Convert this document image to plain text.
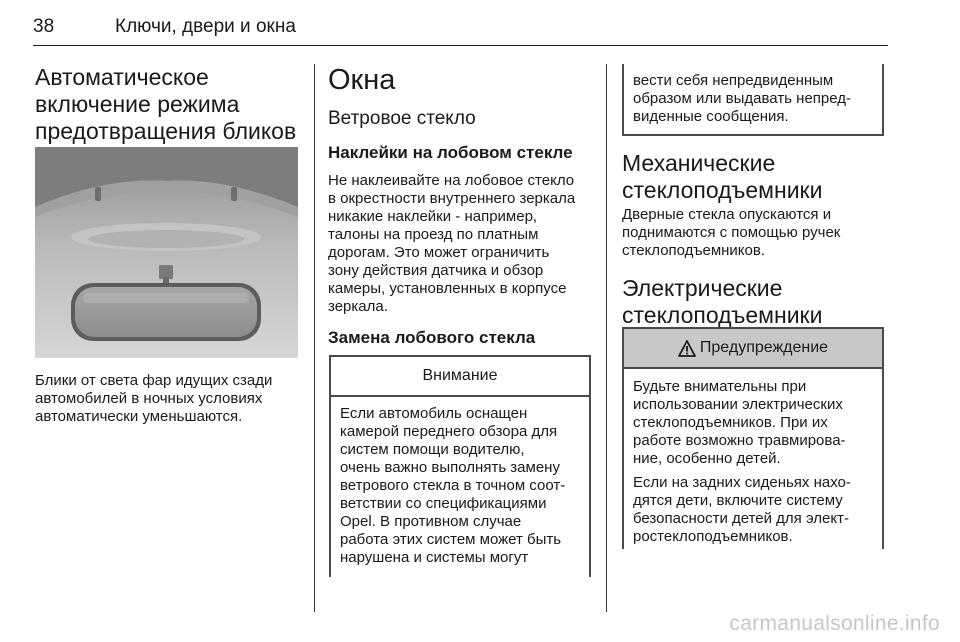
38	Ключи, двери и окна
Автоматическое
включение режима
предотвращения бликов
Блики от света фар идущих сзади
автомобилей в ночных условиях
автоматически уменьшаются.
Окна
Ветровое стекло
Наклейки на лобовом стекле
Не наклеивайте на лобовое стекло
в окрестности внутреннего зеркала
никакие наклейки - например,
талоны на проезд по платным
дорогам. Это может ограничить
зону действия датчика и обзор
камеры, установленных в корпусе
зеркала.
Замена лобового стекла
Внимание
Если автомобиль оснащен
камерой переднего обзора для
систем помощи водителю,
очень важно выполнять замену
ветрового стекла в точном соот-
ветствии со спецификациями
Opel. В противном случае
работа этих систем может быть
нарушена и системы могут
вести себя непредвиденным
образом или выдавать непред-
виденные сообщения.
Механические
стеклоподъемники
Дверные стекла опускаются и
поднимаются с помощью ручек
стеклоподъемников.
Электрические
стеклоподъемники
Предупреждение
Будьте внимательны при
использовании электрических
стеклоподъемников. При их
работе возможно травмирова-
ние, особенно детей.
Если на задних сиденьях нахо-
дятся дети, включите систему
безопасности детей для элект-
ростеклоподъемников.
carmanualsonline.info
